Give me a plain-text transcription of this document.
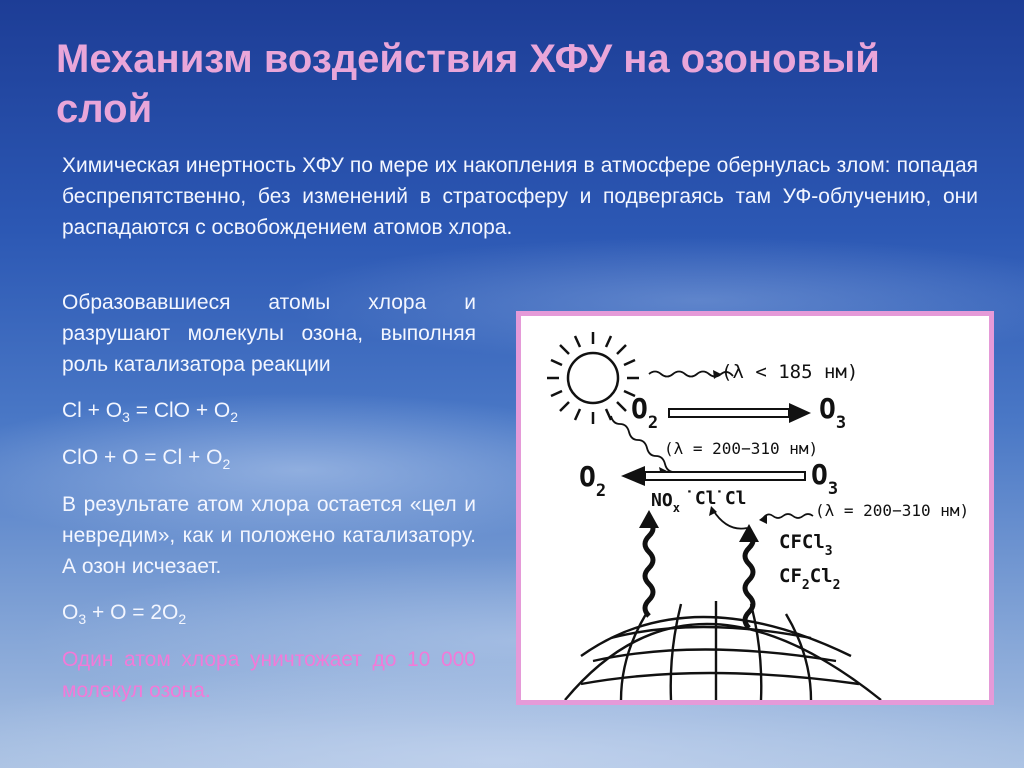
Механизм воздействия ХФУ на озоновый слой

Химическая инертность ХФУ по мере их накопления в атмосфере обернулась злом: попадая беспрепятственно, без изменений в стратосферу и подвергаясь там УФ-облучению, они распадаются с освобождением атомов хлора.

Образовавшиеся атомы хлора и разрушают молекулы озона, выполняя роль катализатора реакции

$Cl + O_3$ = ClO + $O_2$

ClO + $O = Cl + O_2$

В результате атом хлора остается «цел и невредим», как и положено катализатору. А озон исчезает.

$O_3 + O = 2O_2$

Один атом хлора уничтожает до 10 000 молекул озона.

(λ < 185 нм)
(λ = 200−310 нм)
(λ = 200−310 нм)
$O_2$	$O_3$
$O_2$	$O_3$
$NO_x$ ˙Cl
˙Cl
CFCl$_3$
$CF_2Cl_2$
